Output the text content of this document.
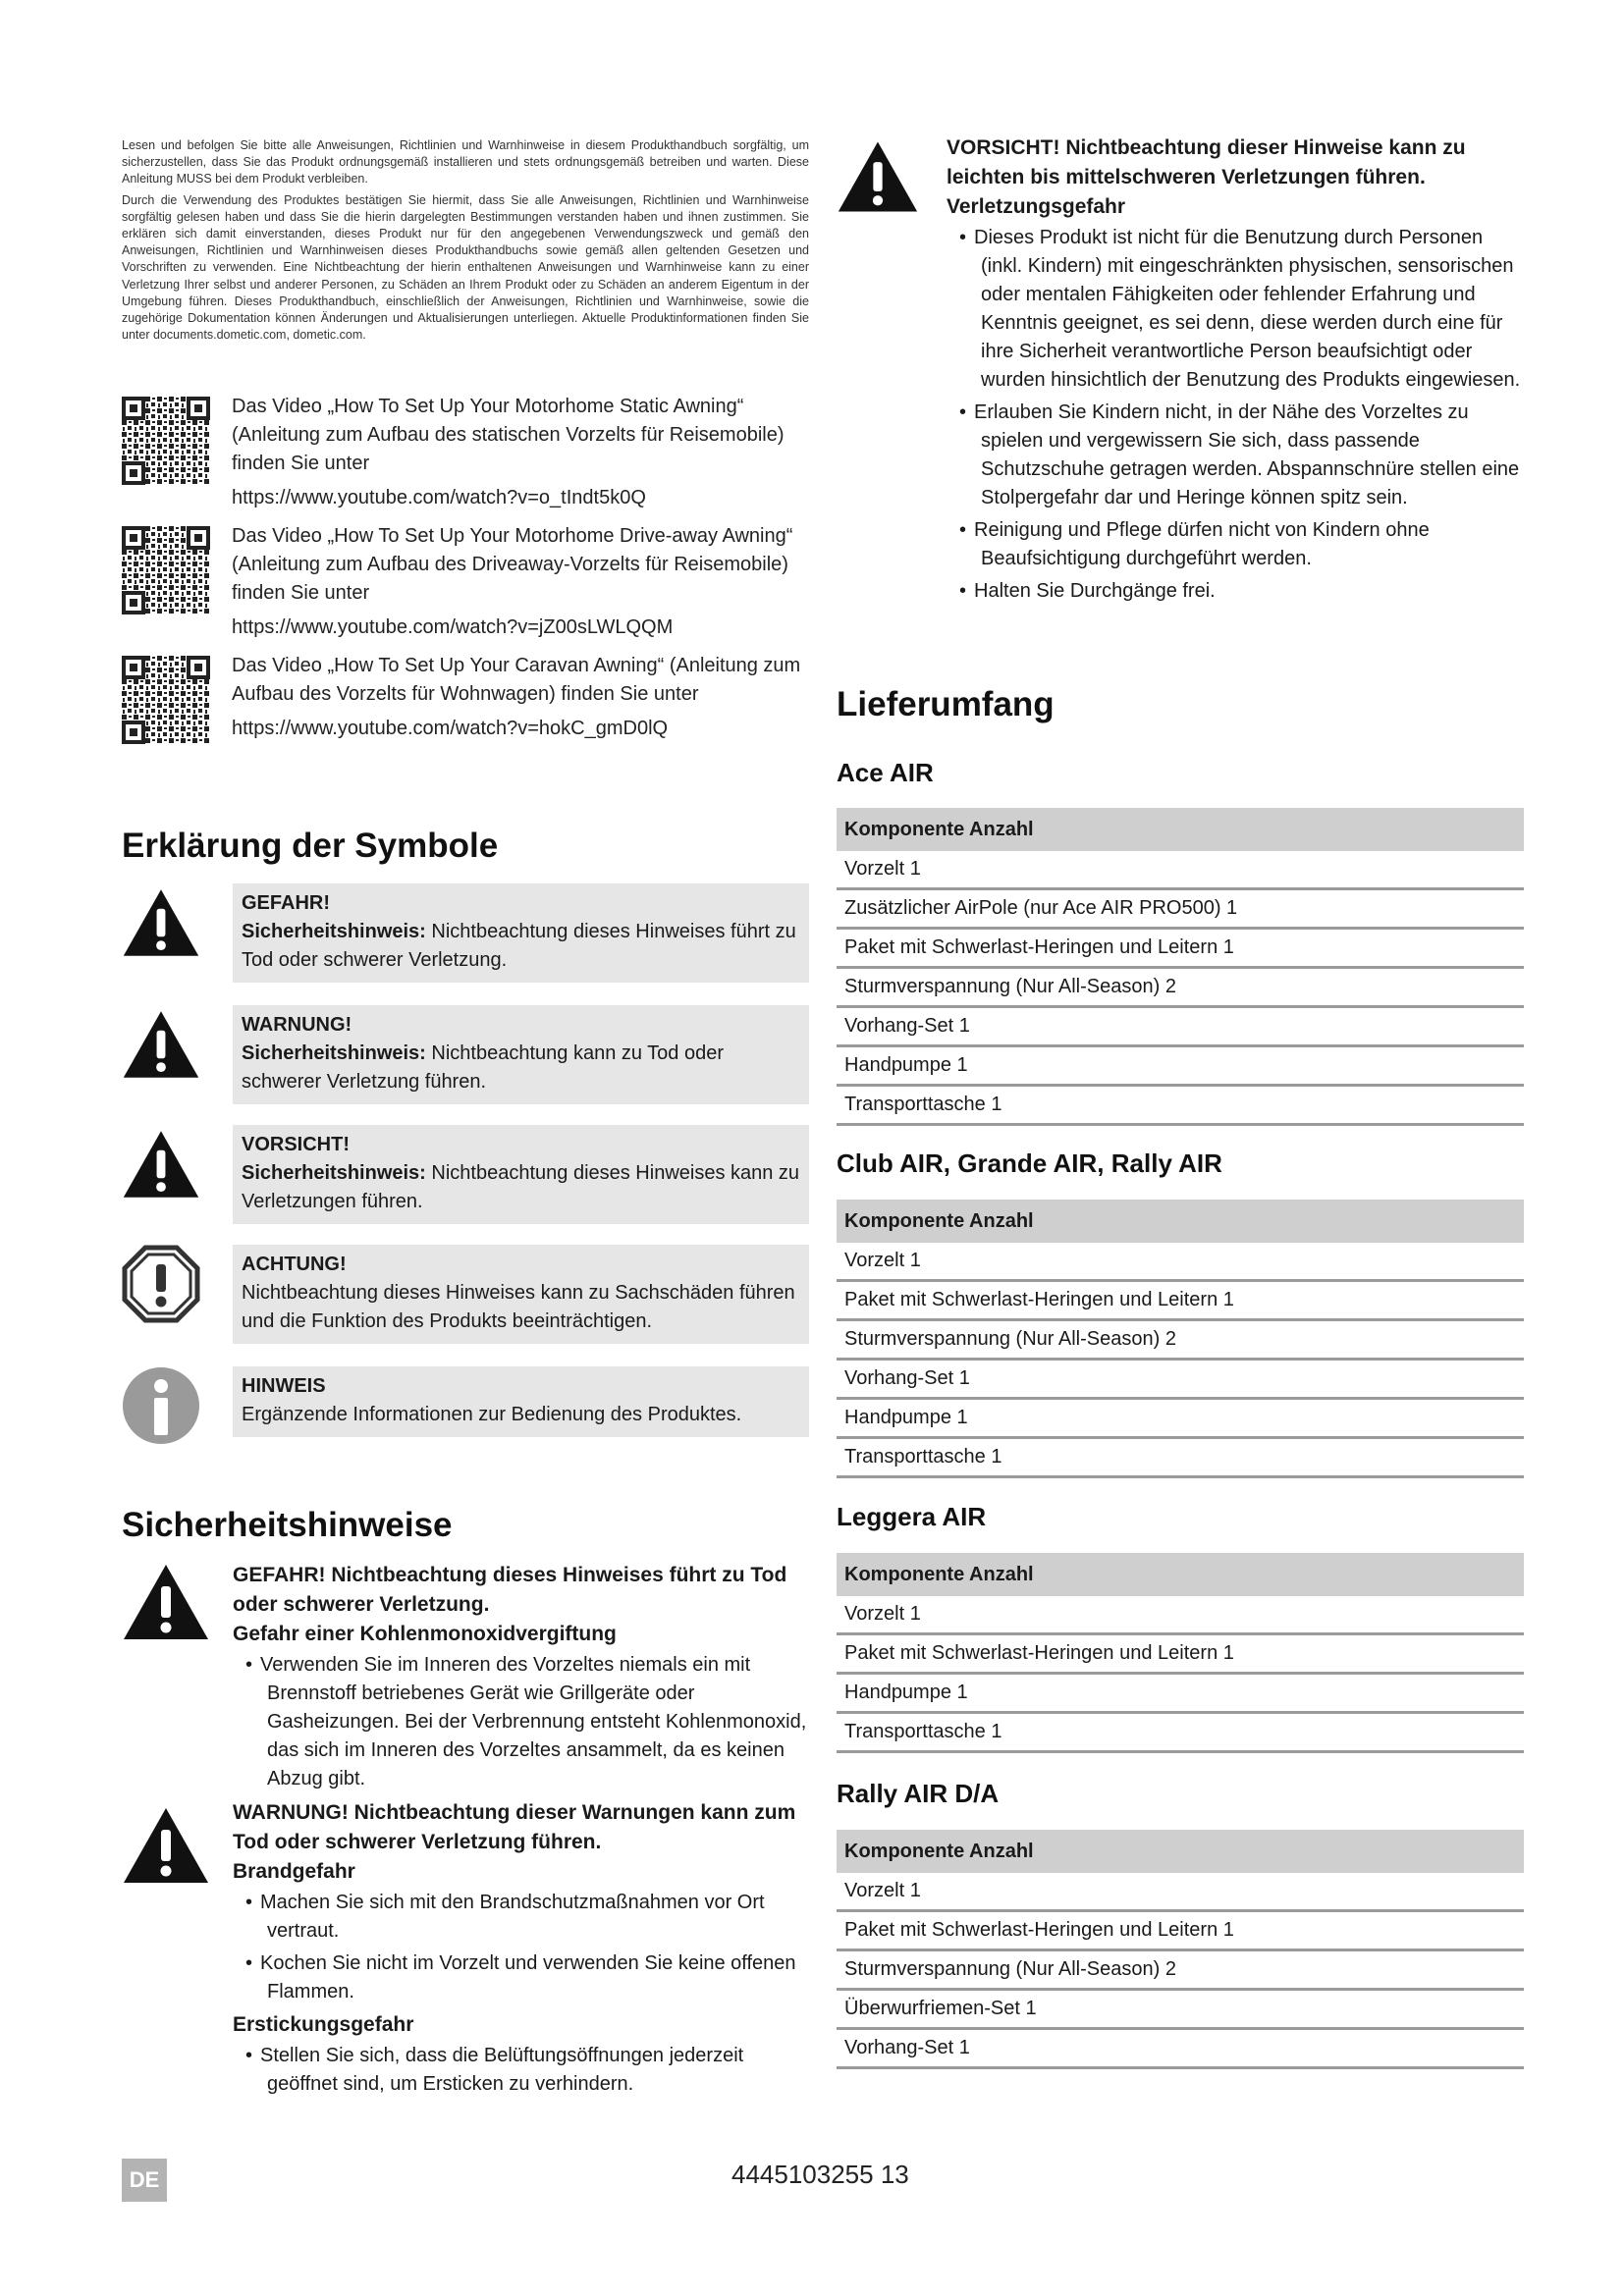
Lesen und befolgen Sie bitte alle Anweisungen, Richtlinien und Warnhinweise in diesem Produkthandbuch sorgfältig, um sicherzustellen, dass Sie das Produkt ordnungsgemäß installieren und stets ordnungsgemäß betreiben und warten. Diese Anleitung MUSS bei dem Produkt verbleiben.

Durch die Verwendung des Produktes bestätigen Sie hiermit, dass Sie alle Anweisungen, Richtlinien und Warnhinweise sorgfältig gelesen haben und dass Sie die hierin dargelegten Bestimmungen verstanden haben und ihnen zustimmen. Sie erklären sich damit einverstanden, dieses Produkt nur für den angegebenen Verwendungszweck und gemäß den Anweisungen, Richtlinien und Warnhinweisen dieses Produkthandbuchs sowie gemäß allen geltenden Gesetzen und Vorschriften zu verwenden. Eine Nichtbeachtung der hierin enthaltenen Anweisungen und Warnhinweise kann zu einer Verletzung Ihrer selbst und anderer Personen, zu Schäden an Ihrem Produkt oder zu Schäden an anderem Eigentum in der Umgebung führen. Dieses Produkthandbuch, einschließlich der Anweisungen, Richtlinien und Warnhinweise, sowie die zugehörige Dokumentation können Änderungen und Aktualisierungen unterliegen. Aktuelle Produktinformationen finden Sie unter documents.dometic.com, dometic.com.

Das Video „How To Set Up Your Motorhome Static Awning“ (Anleitung zum Aufbau des statischen Vorzelts für Reisemobile) finden Sie unter
https://www.youtube.com/watch?v=o_tIndt5k0Q
Das Video „How To Set Up Your Motorhome Drive-away Awning“ (Anleitung zum Aufbau des Driveaway-Vorzelts für Reisemobile) finden Sie unter
https://www.youtube.com/watch?v=jZ00sLWLQQM
Das Video „How To Set Up Your Caravan Awning“ (Anleitung zum Aufbau des Vorzelts für Wohnwagen) finden Sie unter
https://www.youtube.com/watch?v=hokC_gmD0lQ
Erklärung der Symbole
GEFAHR!
Sicherheitshinweis: Nichtbeachtung dieses Hinweises führt zu Tod oder schwerer Verletzung.
WARNUNG!
Sicherheitshinweis: Nichtbeachtung kann zu Tod oder schwerer Verletzung führen.
VORSICHT!
Sicherheitshinweis: Nichtbeachtung dieses Hinweises kann zu Verletzungen führen.
ACHTUNG!
Nichtbeachtung dieses Hinweises kann zu Sachschäden führen und die Funktion des Produkts beeinträchtigen.
HINWEIS
Ergänzende Informationen zur Bedienung des Produktes.
Sicherheitshinweise
GEFAHR! Nichtbeachtung dieses Hinweises führt zu Tod oder schwerer Verletzung.
Gefahr einer Kohlenmonoxidvergiftung
• Verwenden Sie im Inneren des Vorzeltes niemals ein mit Brennstoff betriebenes Gerät wie Grillgeräte oder Gasheizungen. Bei der Verbrennung entsteht Kohlenmonoxid, das sich im Inneren des Vorzeltes ansammelt, da es keinen Abzug gibt.
WARNUNG! Nichtbeachtung dieser Warnungen kann zum Tod oder schwerer Verletzung führen.
Brandgefahr
• Machen Sie sich mit den Brandschutzmaßnahmen vor Ort vertraut.
• Kochen Sie nicht im Vorzelt und verwenden Sie keine offenen Flammen.
Erstickungsgefahr
• Stellen Sie sich, dass die Belüftungsöffnungen jederzeit geöffnet sind, um Ersticken zu verhindern.
VORSICHT! Nichtbeachtung dieser Hinweise kann zu leichten bis mittelschweren Verletzungen führen.
Verletzungsgefahr
• Dieses Produkt ist nicht für die Benutzung durch Personen (inkl. Kindern) mit eingeschränkten physischen, sensorischen oder mentalen Fähigkeiten oder fehlender Erfahrung und Kenntnis geeignet, es sei denn, diese werden durch eine für ihre Sicherheit verantwortliche Person beaufsichtigt oder wurden hinsichtlich der Benutzung des Produkts eingewiesen.
• Erlauben Sie Kindern nicht, in der Nähe des Vorzeltes zu spielen und vergewissern Sie sich, dass passende Schutzschuhe getragen werden. Abspannschnüre stellen eine Stolpergefahr dar und Heringe können spitz sein.
• Reinigung und Pflege dürfen nicht von Kindern ohne Beaufsichtigung durchgeführt werden.
• Halten Sie Durchgänge frei.
Lieferumfang
Ace AIR
Komponente Anzahl
Vorzelt 1
Zusätzlicher AirPole (nur Ace AIR PRO500) 1
Paket mit Schwerlast-Heringen und Leitern 1
Sturmverspannung (Nur All-Season) 2
Vorhang-Set 1
Handpumpe 1
Transporttasche 1
Club AIR, Grande AIR, Rally AIR
Komponente Anzahl
Vorzelt 1
Paket mit Schwerlast-Heringen und Leitern 1
Sturmverspannung (Nur All-Season) 2
Vorhang-Set 1
Handpumpe 1
Transporttasche 1
Leggera AIR
Komponente Anzahl
Vorzelt 1
Paket mit Schwerlast-Heringen und Leitern 1
Handpumpe 1
Transporttasche 1
Rally AIR D/A
Komponente Anzahl
Vorzelt 1
Paket mit Schwerlast-Heringen und Leitern 1
Sturmverspannung (Nur All-Season) 2
Überwurfriemen-Set 1
Vorhang-Set 1
DE	4445103255 13
